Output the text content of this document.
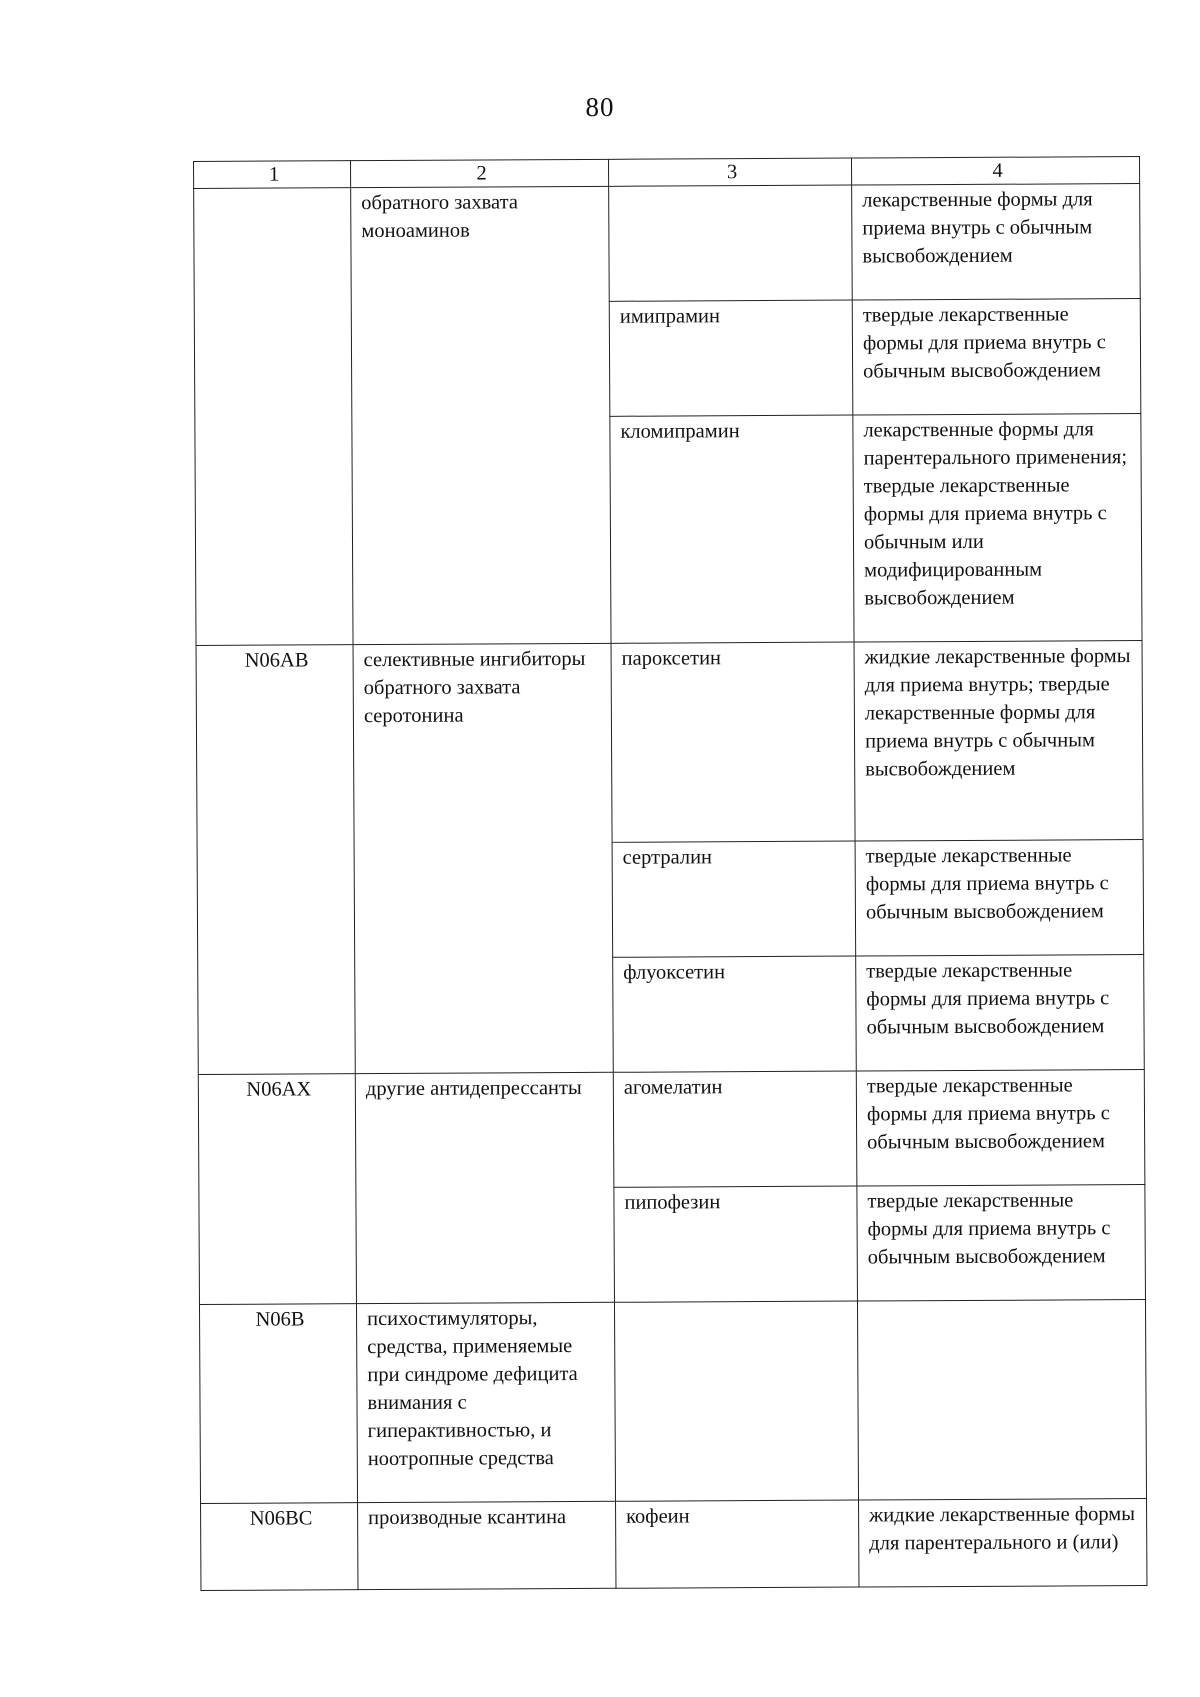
80
1	2	3	4
	обратного захвата моноаминов		лекарственные формы для приема внутрь с обычным высвобождением
		имипрамин	твердые лекарственные формы для приема внутрь с обычным высвобождением
		кломипрамин	лекарственные формы для парентерального применения; твердые лекарственные формы для приема внутрь с обычным или модифицированным высвобождением
N06AB	селективные ингибиторы обратного захвата серотонина	пароксетин	жидкие лекарственные формы для приема внутрь; твердые лекарственные формы для приема внутрь с обычным высвобождением
		сертралин	твердые лекарственные формы для приема внутрь с обычным высвобождением
		флуоксетин	твердые лекарственные формы для приема внутрь с обычным высвобождением
N06AX	другие антидепрессанты	агомелатин	твердые лекарственные формы для приема внутрь с обычным высвобождением
		пипофезин	твердые лекарственные формы для приема внутрь с обычным высвобождением
N06B	психостимуляторы, средства, применяемые при синдроме дефицита внимания с гиперактивностью, и ноотропные средства		
N06BC	производные ксантина	кофеин	жидкие лекарственные формы для парентерального и (или)
